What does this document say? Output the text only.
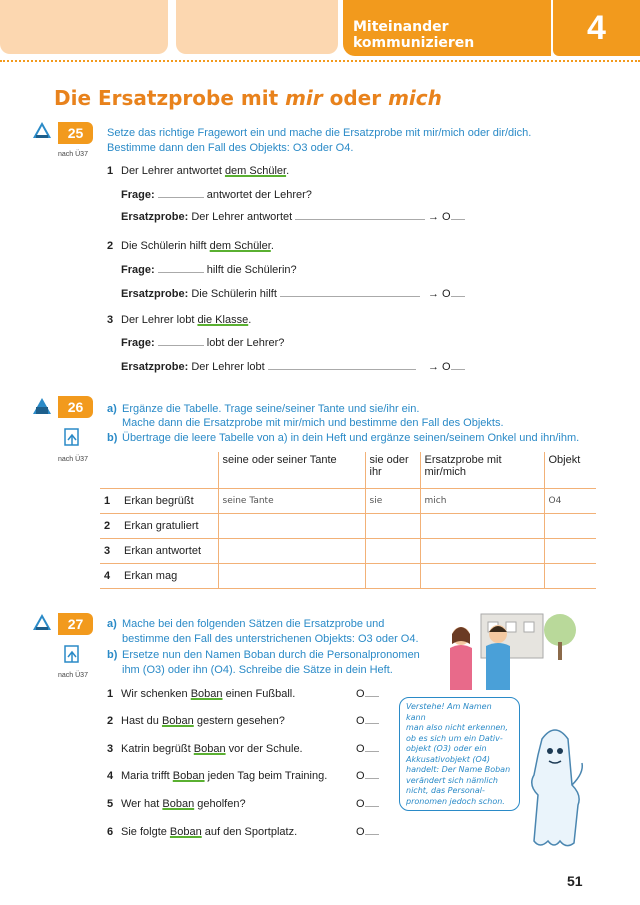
Miteinander kommunizieren	4
Die Ersatzprobe mit mir oder mich
25
nach Ü37
Setze das richtige Fragewort ein und mache die Ersatzprobe mit mir/mich oder dir/dich.
Bestimme dann den Fall des Objekts: O3 oder O4.
1 Der Lehrer antwortet dem Schüler.
Frage:	antwortet der Lehrer?
Ersatzprobe: Der Lehrer antwortet	→ O
2 Die Schülerin hilft dem Schüler.
Frage:	hilft die Schülerin?
Ersatzprobe: Die Schülerin hilft	→ O
3 Der Lehrer lobt die Klasse.
Frage:	lobt der Lehrer?
Ersatzprobe: Der Lehrer lobt	→ O
26
nach Ü37
a) Ergänze die Tabelle. Trage seine/seiner Tante und sie/ihr ein.
Mache dann die Ersatzprobe mit mir/mich und bestimme den Fall des Objekts.
b) Übertrage die leere Tabelle von a) in dein Heft und ergänze seinen/seinem Onkel und ihn/ihm.
		seine oder seiner Tante	sie oder ihr	Ersatzprobe mit mir/mich	Objekt
1	Erkan begrüßt	seine Tante	sie	mich	O4
2	Erkan gratuliert				
3	Erkan antwortet				
4	Erkan mag				
27
nach Ü37
a) Mache bei den folgenden Sätzen die Ersatzprobe und
bestimme den Fall des unterstrichenen Objekts: O3 oder O4.
b) Ersetze nun den Namen Boban durch die Personalpronomen
ihm (O3) oder ihn (O4). Schreibe die Sätze in dein Heft.
1 Wir schenken Boban einen Fußball.	O
2 Hast du Boban gestern gesehen?	O
3 Katrin begrüßt Boban vor der Schule.	O
4 Maria trifft Boban jeden Tag beim Training.	O
5 Wer hat Boban geholfen?	O
6 Sie folgte Boban auf den Sportplatz.	O
Verstehe! Am Namen kann
man also nicht erkennen,
ob es sich um ein Dativ-
objekt (O3) oder ein
Akkusativobjekt (O4)
handelt: Der Name Boban
verändert sich nämlich
nicht, das Personal-
pronomen jedoch schon.
51
